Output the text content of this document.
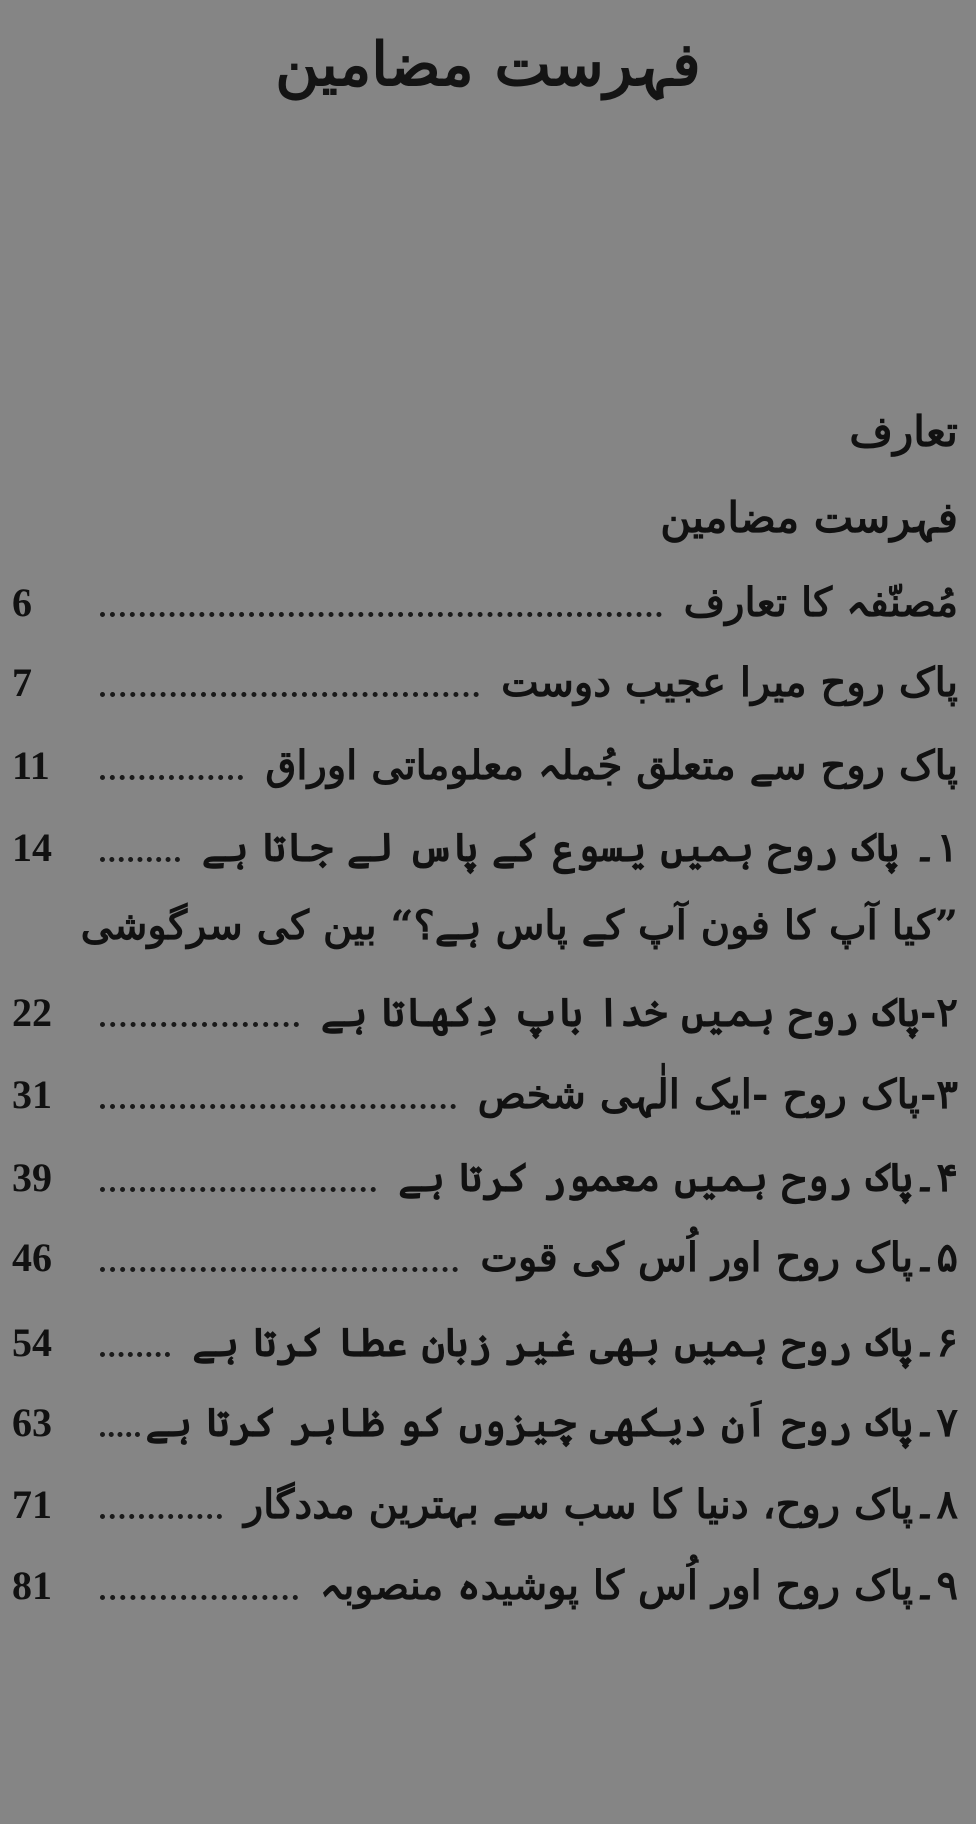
فہرست مضامین
تعارف
فہرست مضامین
مُصنّفہ کا تعارف
6
پاک روح میرا عجیب دوست
7
پاک روح سے متعلق جُملہ معلوماتی اوراق
11
۱۔ پاک روح ہمیں یسوع کے پاس لے جاتا ہے
14
”کیا آپ کا فون آپ کے پاس ہے؟“ بین کی سرگوشی
۲-پاک روح ہمیں خدا باپ دِکھاتا ہے
22
۳-پاک روح -ایک الٰہی شخص
31
۴۔پاک روح ہمیں معمور کرتا ہے
39
۵۔پاک روح اور اُس کی قوت
46
۶۔پاک روح ہمیں بھی غیر زبان عطا کرتا ہے
54
۷۔پاک روح اَن دیکھی چیزوں کو ظاہر کرتا ہے
63
۸۔پاک روح، دنیا کا سب سے بہترین مددگار
71
۹۔پاک روح اور اُس کا پوشیدہ منصوبہ
81
